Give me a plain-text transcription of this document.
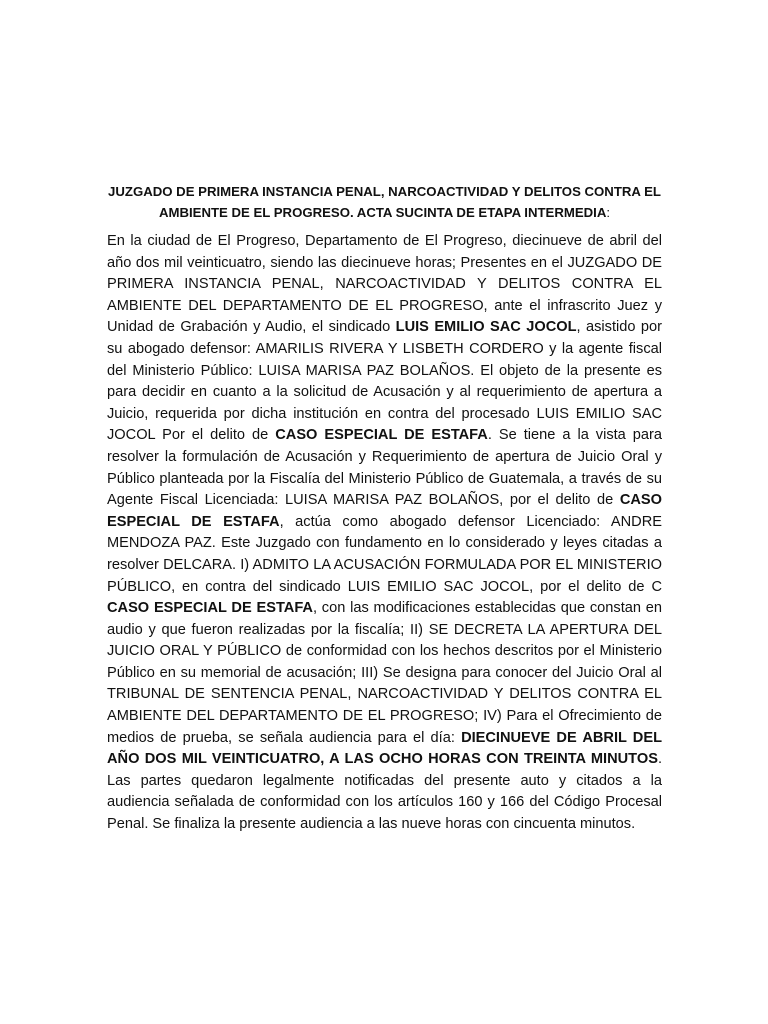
JUZGADO DE PRIMERA INSTANCIA PENAL, NARCOACTIVIDAD Y DELITOS CONTRA EL AMBIENTE DE EL PROGRESO. ACTA SUCINTA DE ETAPA INTERMEDIA:

En la ciudad de El Progreso, Departamento de El Progreso, diecinueve de abril del año dos mil veinticuatro, siendo las diecinueve horas; Presentes en el JUZGADO DE PRIMERA INSTANCIA PENAL, NARCOACTIVIDAD Y DELITOS CONTRA EL AMBIENTE DEL DEPARTAMENTO DE EL PROGRESO, ante el infrascrito Juez y Unidad de Grabación y Audio, el sindicado LUIS EMILIO SAC JOCOL, asistido por su abogado defensor: AMARILIS RIVERA Y LISBETH CORDERO y la agente fiscal del Ministerio Público: LUISA MARISA PAZ BOLAÑOS. El objeto de la presente es para decidir en cuanto a la solicitud de Acusación y al requerimiento de apertura a Juicio, requerida por dicha institución en contra del procesado LUIS EMILIO SAC JOCOL Por el delito de CASO ESPECIAL DE ESTAFA. Se tiene a la vista para resolver la formulación de Acusación y Requerimiento de apertura de Juicio Oral y Público planteada por la Fiscalía del Ministerio Público de Guatemala, a través de su Agente Fiscal Licenciada: LUISA MARISA PAZ BOLAÑOS, por el delito de CASO ESPECIAL DE ESTAFA, actúa como abogado defensor Licenciado: ANDRE MENDOZA PAZ. Este Juzgado con fundamento en lo considerado y leyes citadas a resolver DELCARA. I) ADMITO LA ACUSACIÓN FORMULADA POR EL MINISTERIO PÚBLICO, en contra del sindicado LUIS EMILIO SAC JOCOL, por el delito de C CASO ESPECIAL DE ESTAFA, con las modificaciones establecidas que constan en audio y que fueron realizadas por la fiscalía; II) SE DECRETA LA APERTURA DEL JUICIO ORAL Y PÚBLICO de conformidad con los hechos descritos por el Ministerio Público en su memorial de acusación; III) Se designa para conocer del Juicio Oral al TRIBUNAL DE SENTENCIA PENAL, NARCOACTIVIDAD Y DELITOS CONTRA EL AMBIENTE DEL DEPARTAMENTO DE EL PROGRESO; IV) Para el Ofrecimiento de medios de prueba, se señala audiencia para el día: DIECINUEVE DE ABRIL DEL AÑO DOS MIL VEINTICUATRO, A LAS OCHO HORAS CON TREINTA MINUTOS. Las partes quedaron legalmente notificadas del presente auto y citados a la audiencia señalada de conformidad con los artículos 160 y 166 del Código Procesal Penal. Se finaliza la presente audiencia a las nueve horas con cincuenta minutos.
